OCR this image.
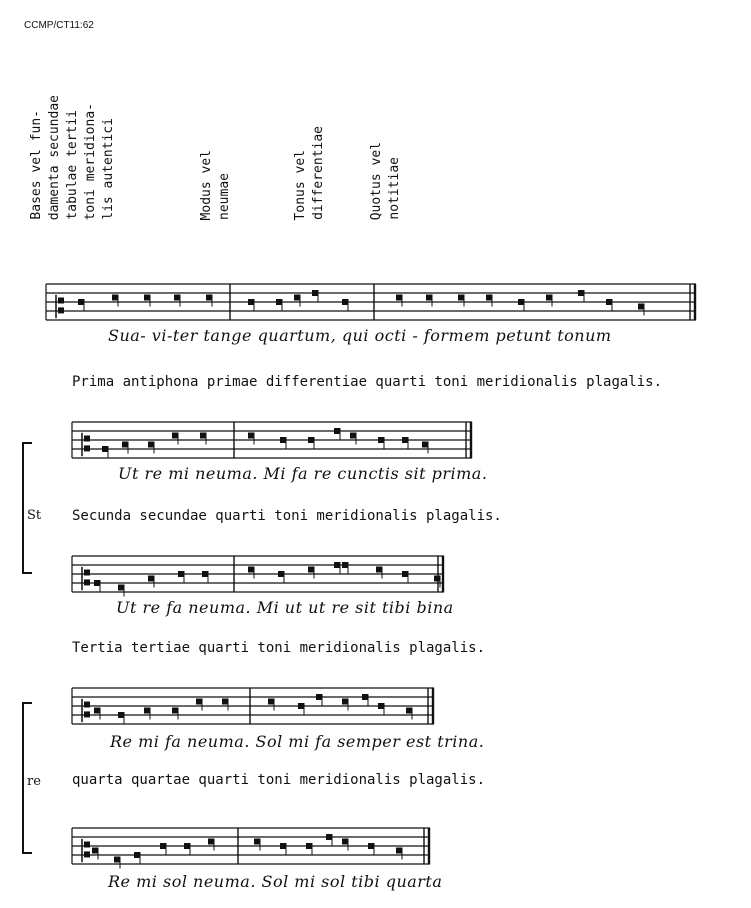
CCMP/CT11:62
Bases vel fun- damenta secundae tabulae tertii toni meridiona- lis autentici	Modus vel neumae	Tonus vel differentiae	Quotus vel notitiae
Sua- vi-ter tange quartum, qui octi - formem petunt tonum
Prima antiphona primae differentiae quarti toni meridionalis plagalis.
Ut re mi neuma. Mi fa re cunctis sit prima.
Secunda secundae quarti toni meridionalis plagalis.
Ut re fa neuma. Mi ut ut re sit tibi bina
Tertia tertiae quarti toni meridionalis plagalis.
Re mi fa neuma. Sol mi fa semper est trina.
quarta quartae quarti toni meridionalis plagalis.
Re mi sol neuma. Sol mi sol tibi quarta
St
re
